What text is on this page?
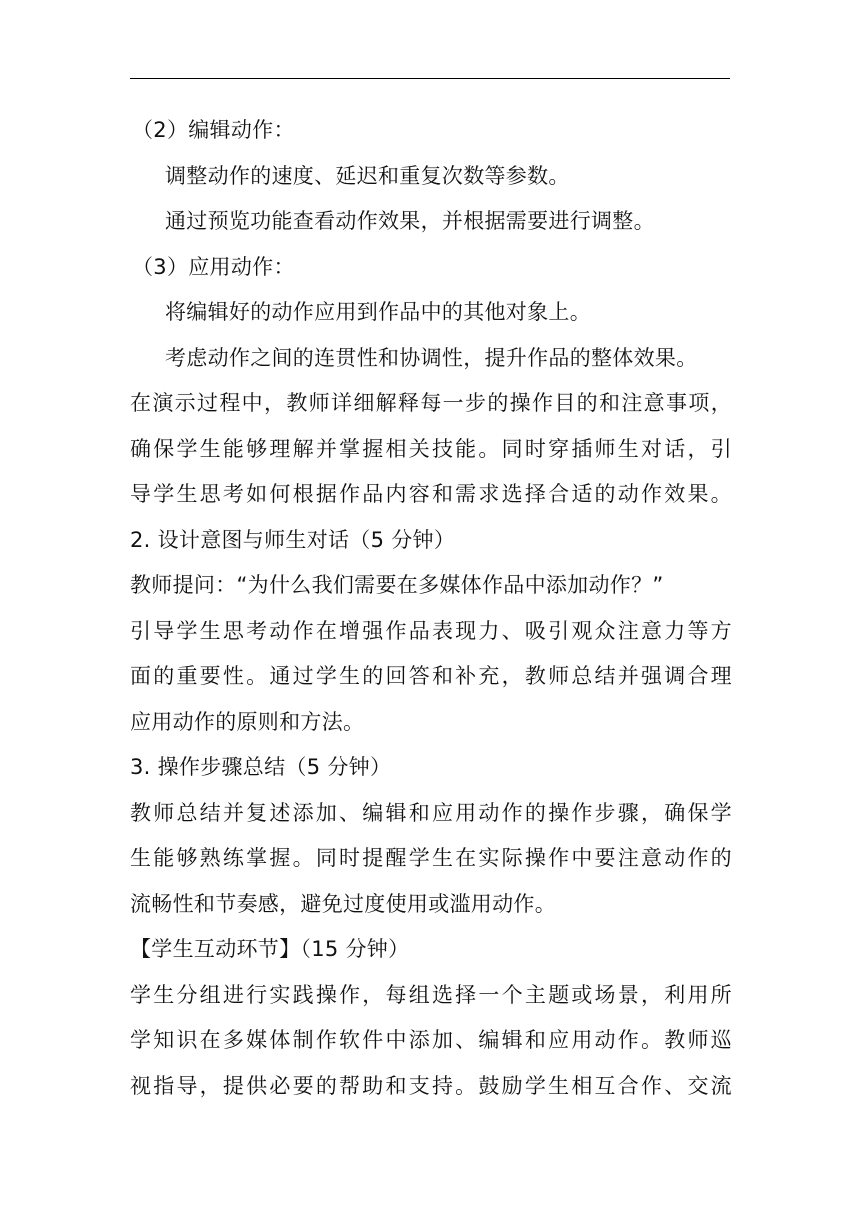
（2）编辑动作：
调整动作的速度、延迟和重复次数等参数。
通过预览功能查看动作效果，并根据需要进行调整。
（3）应用动作：
将编辑好的动作应用到作品中的其他对象上。
考虑动作之间的连贯性和协调性，提升作品的整体效果。
在演示过程中，教师详细解释每一步的操作目的和注意事项，
确保学生能够理解并掌握相关技能。同时穿插师生对话，引
导学生思考如何根据作品内容和需求选择合适的动作效果。
2. 设计意图与师生对话（5 分钟）
教师提问：“为什么我们需要在多媒体作品中添加动作？”
引导学生思考动作在增强作品表现力、吸引观众注意力等方
面的重要性。通过学生的回答和补充，教师总结并强调合理
应用动作的原则和方法。
3. 操作步骤总结（5 分钟）
教师总结并复述添加、编辑和应用动作的操作步骤，确保学
生能够熟练掌握。同时提醒学生在实际操作中要注意动作的
流畅性和节奏感，避免过度使用或滥用动作。
【学生互动环节】（15 分钟）
学生分组进行实践操作，每组选择一个主题或场景，利用所
学知识在多媒体制作软件中添加、编辑和应用动作。教师巡
视指导，提供必要的帮助和支持。鼓励学生相互合作、交流
